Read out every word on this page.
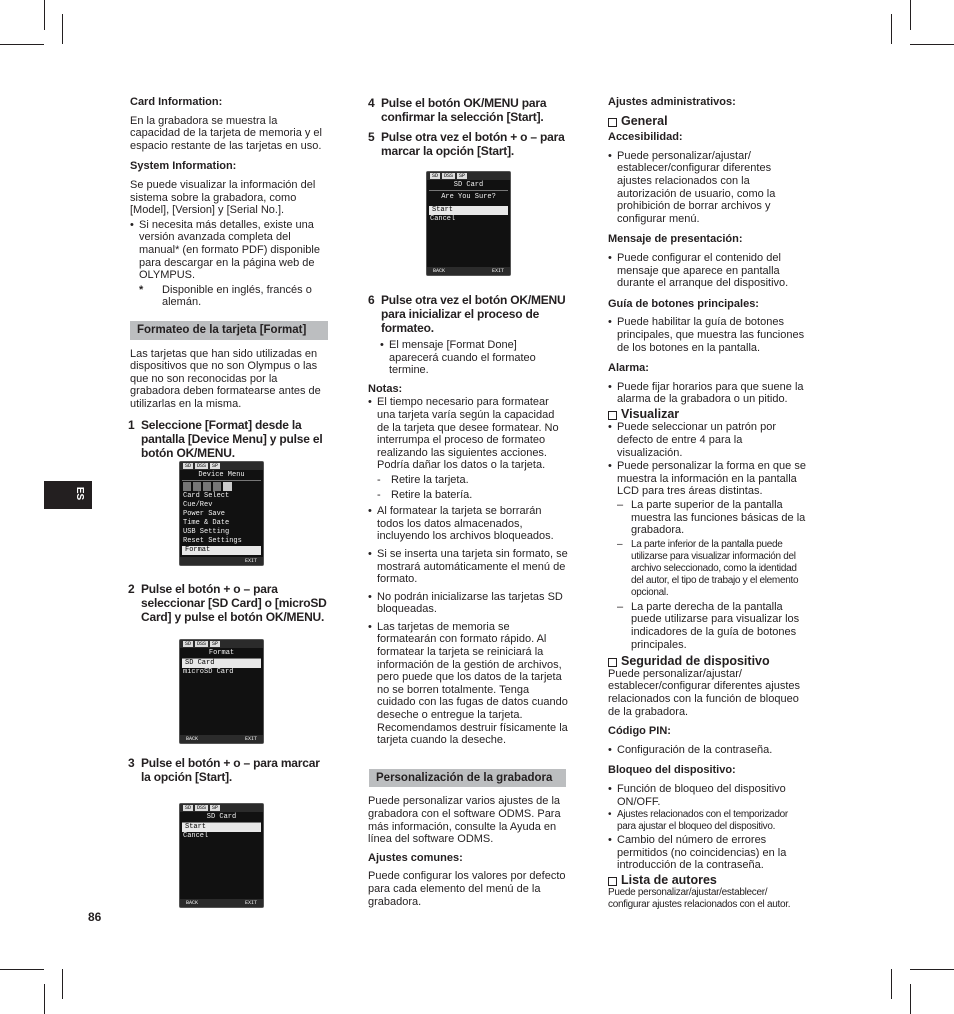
ES
86

Card Information:

En la grabadora se muestra la capacidad de la tarjeta de memoria y el espacio restante de las tarjetas en uso.

System Information:

Se puede visualizar la información del sistema sobre la grabadora, como [Model], [Version] y [Serial No.].

• Si necesita más detalles, existe una versión avanzada completa del manual* (en formato PDF) disponible para descargar en la página web de OLYMPUS.
* Disponible en inglés, francés o alemán.
Formateo de la tarjeta [Format]

Las tarjetas que han sido utilizadas en dispositivos que no son Olympus o las que no son reconocidas por la grabadora deben formatearse antes de utilizarlas en la misma.

1 Seleccione [Format] desde la pantalla [Device Menu] y pulse el botón OK/MENU.
2 Pulse el botón + o – para seleccionar [SD Card] o [microSD Card] y pulse el botón OK/MENU.
3 Pulse el botón + o – para marcar la opción [Start].
SD	DSS	SP
Device Menu
Card Select
Cue/Rev
Power Save
Time & Date
USB Setting
Reset Settings
Format
EXIT
SD	DSS	SP
Format
SD Card
microSD Card
BACK	EXIT
SD	DSS	SP
SD Card
Start
Cancel
BACK	EXIT
4 Pulse el botón OK/MENU para confirmar la selección [Start].
5 Pulse otra vez el botón + o – para marcar la opción [Start].
SD	DSS	SP
SD Card
Are You Sure?
Start
Cancel
BACK	EXIT
6 Pulse otra vez el botón OK/MENU para inicializar el proceso de formateo.
• El mensaje [Format Done] aparecerá cuando el formateo termine.

Notas:

• El tiempo necesario para formatear una tarjeta varía según la capacidad de la tarjeta que desee formatear. No interrumpa el proceso de formateo realizando las siguientes acciones. Podría dañar los datos o la tarjeta.
- Retire la tarjeta.
- Retire la batería.
• Al formatear la tarjeta se borrarán todos los datos almacenados, incluyendo los archivos bloqueados.
• Si se inserta una tarjeta sin formato, se mostrará automáticamente el menú de formato.
• No podrán inicializarse las tarjetas SD bloqueadas.
• Las tarjetas de memoria se formatearán con formato rápido. Al formatear la tarjeta se reiniciará la información de la gestión de archivos, pero puede que los datos de la tarjeta no se borren totalmente. Tenga cuidado con las fugas de datos cuando deseche o entregue la tarjeta. Recomendamos destruir físicamente la tarjeta cuando la deseche.
Personalización de la grabadora

Puede personalizar varios ajustes de la grabadora con el software ODMS. Para más información, consulte la Ayuda en línea del software ODMS.

Ajustes comunes:

Puede configurar los valores por defecto para cada elemento del menú de la grabadora.

Ajustes administrativos:

General

Accesibilidad:

• Puede personalizar/ajustar/ establecer/configurar diferentes ajustes relacionados con la autorización de usuario, como la prohibición de borrar archivos y configurar menú.

Mensaje de presentación:

• Puede configurar el contenido del mensaje que aparece en pantalla durante el arranque del dispositivo.

Guía de botones principales:

• Puede habilitar la guía de botones principales, que muestra las funciones de los botones en la pantalla.

Alarma:

• Puede fijar horarios para que suene la alarma de la grabadora o un pitido.
Visualizar
• Puede seleccionar un patrón por defecto de entre 4 para la visualización.
• Puede personalizar la forma en que se muestra la información en la pantalla LCD para tres áreas distintas.
– La parte superior de la pantalla muestra las funciones básicas de la grabadora.
– La parte inferior de la pantalla puede utilizarse para visualizar información del archivo seleccionado, como la identidad del autor, el tipo de trabajo y el elemento opcional.
– La parte derecha de la pantalla puede utilizarse para visualizar los indicadores de la guía de botones principales.
Seguridad de dispositivo

Puede personalizar/ajustar/ establecer/configurar diferentes ajustes relacionados con la función de bloqueo de la grabadora.

Código PIN:

• Configuración de la contraseña.

Bloqueo del dispositivo:

• Función de bloqueo del dispositivo ON/OFF.
• Ajustes relacionados con el temporizador para ajustar el bloqueo del dispositivo.
• Cambio del número de errores permitidos (no coincidencias) en la introducción de la contraseña.
Lista de autores

Puede personalizar/ajustar/establecer/ configurar ajustes relacionados con el autor.
